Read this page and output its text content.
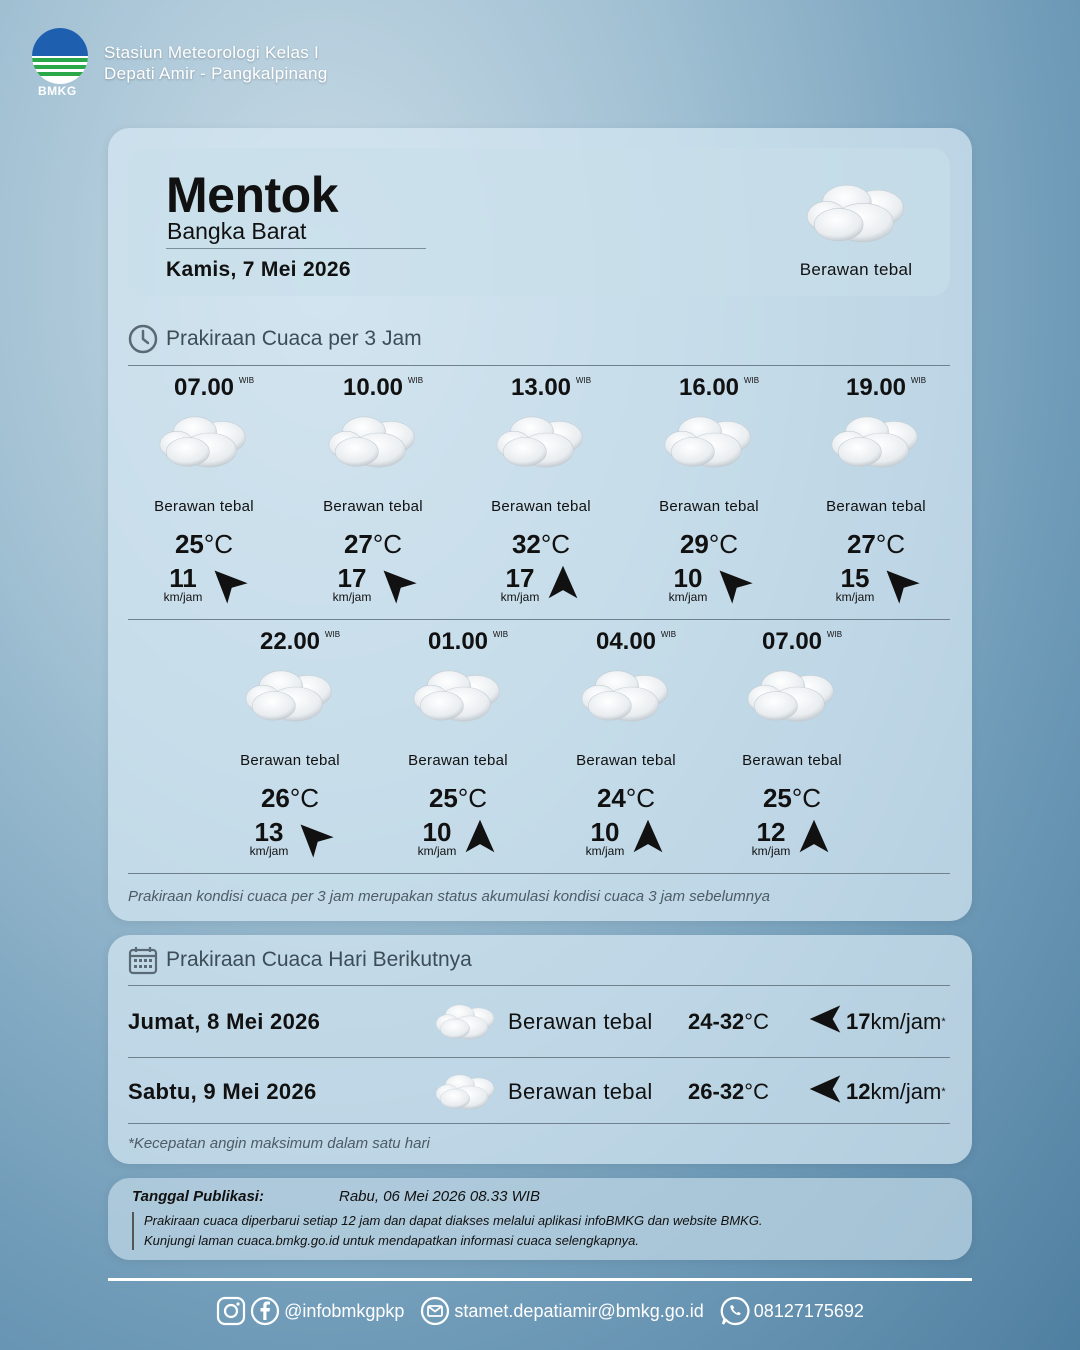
BMKG
Stasiun Meteorologi Kelas I
Depati Amir - Pangkalpinang
Mentok
Bangka Barat
Kamis, 7 Mei 2026	Berawan tebal
Prakiraan Cuaca per 3 Jam
07.00 WIB
Berawan tebal
25°C
11
km/jam
10.00 WIB
Berawan tebal
27°C
17
km/jam
13.00 WIB
Berawan tebal
32°C
17
km/jam
16.00 WIB
Berawan tebal
29°C
10
km/jam
19.00 WIB
Berawan tebal
27°C
15
km/jam
22.00 WIB
Berawan tebal
26°C
13
km/jam
01.00 WIB
Berawan tebal
25°C
10
km/jam
04.00 WIB
Berawan tebal
24°C
10
km/jam
07.00 WIB
Berawan tebal
25°C
12
km/jam
Prakiraan kondisi cuaca per 3 jam merupakan status akumulasi kondisi cuaca 3 jam sebelumnya
Prakiraan Cuaca Hari Berikutnya
Jumat, 8 Mei 2026	Berawan tebal	24-32°C	17 km/jam *
Sabtu, 9 Mei 2026	Berawan tebal	26-32°C	12 km/jam *
*Kecepatan angin maksimum dalam satu hari
Tanggal Publikasi:	Rabu, 06 Mei 2026 08.33 WIB
Prakiraan cuaca diperbarui setiap 12 jam dan dapat diakses melalui aplikasi infoBMKG dan website BMKG.
Kunjungi laman cuaca.bmkg.go.id untuk mendapatkan informasi cuaca selengkapnya.
@infobmkgpkp	stamet.depatiamir@bmkg.go.id	08127175692
